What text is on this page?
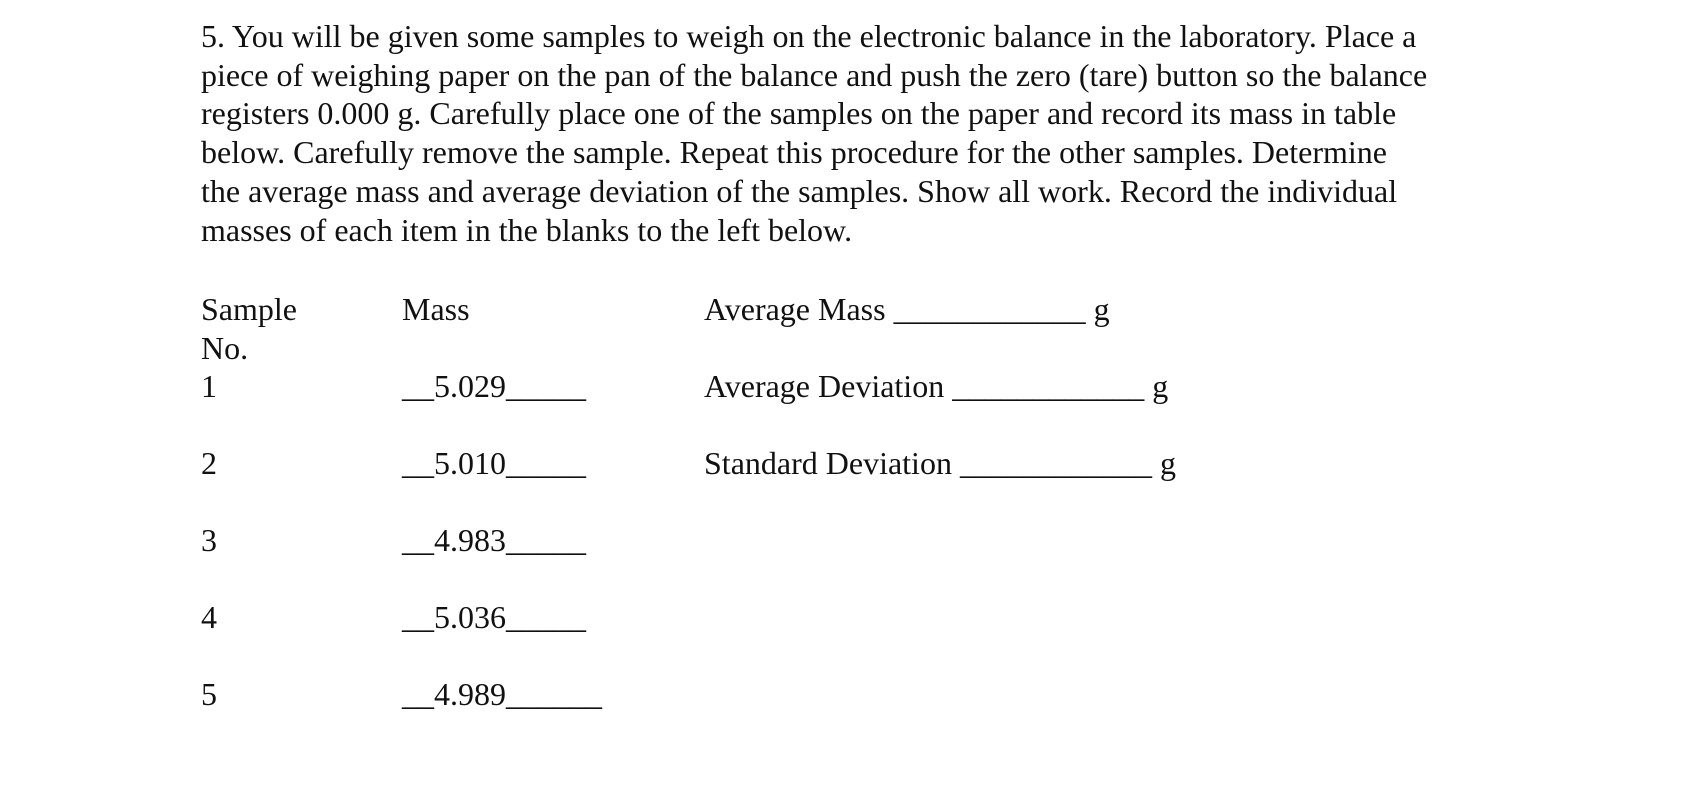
5. You will be given some samples to weigh on the electronic balance in the laboratory. Place a

piece of weighing paper on the pan of the balance and push the zero (tare) button so the balance

registers 0.000 g. Carefully place one of the samples on the paper and record its mass in table

below. Carefully remove the sample. Repeat this procedure for the other samples. Determine

the average mass and average deviation of the samples. Show all work. Record the individual

masses of each item in the blanks to the left below.

Sample
No.
Mass
1	__5.029_____
2	__5.010_____
3	__4.983_____
4	__5.036_____
5	__4.989______
Average Mass ____________ g
Average Deviation ____________ g
Standard Deviation ____________ g
